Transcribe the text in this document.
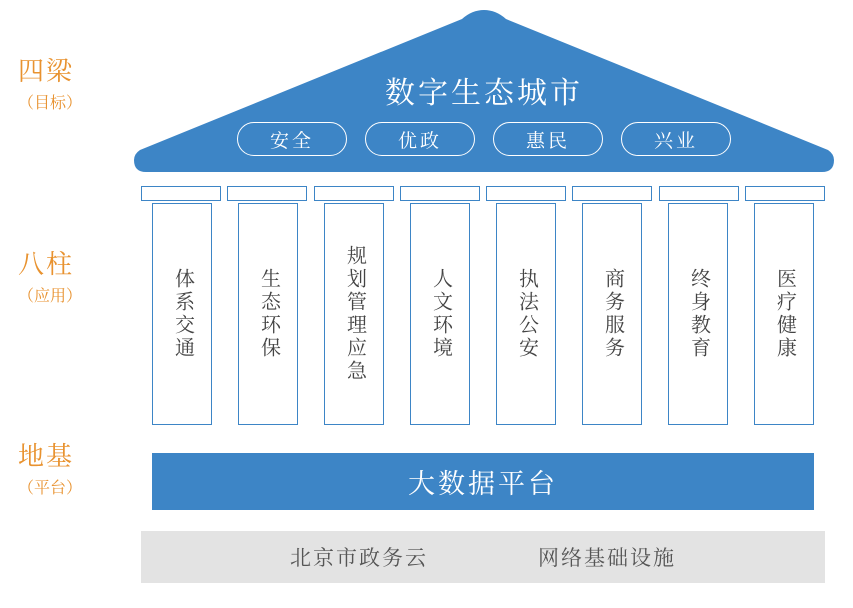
四梁
（目标）
八柱
（应用）
地基
（平台）
数字生态城市
安全	优政	惠民	兴业
体系交通	生态环保	规划管理应急	人文环境	执法公安	商务服务	终身教育	医疗健康
大数据平台
北京市政务云	网络基础设施
